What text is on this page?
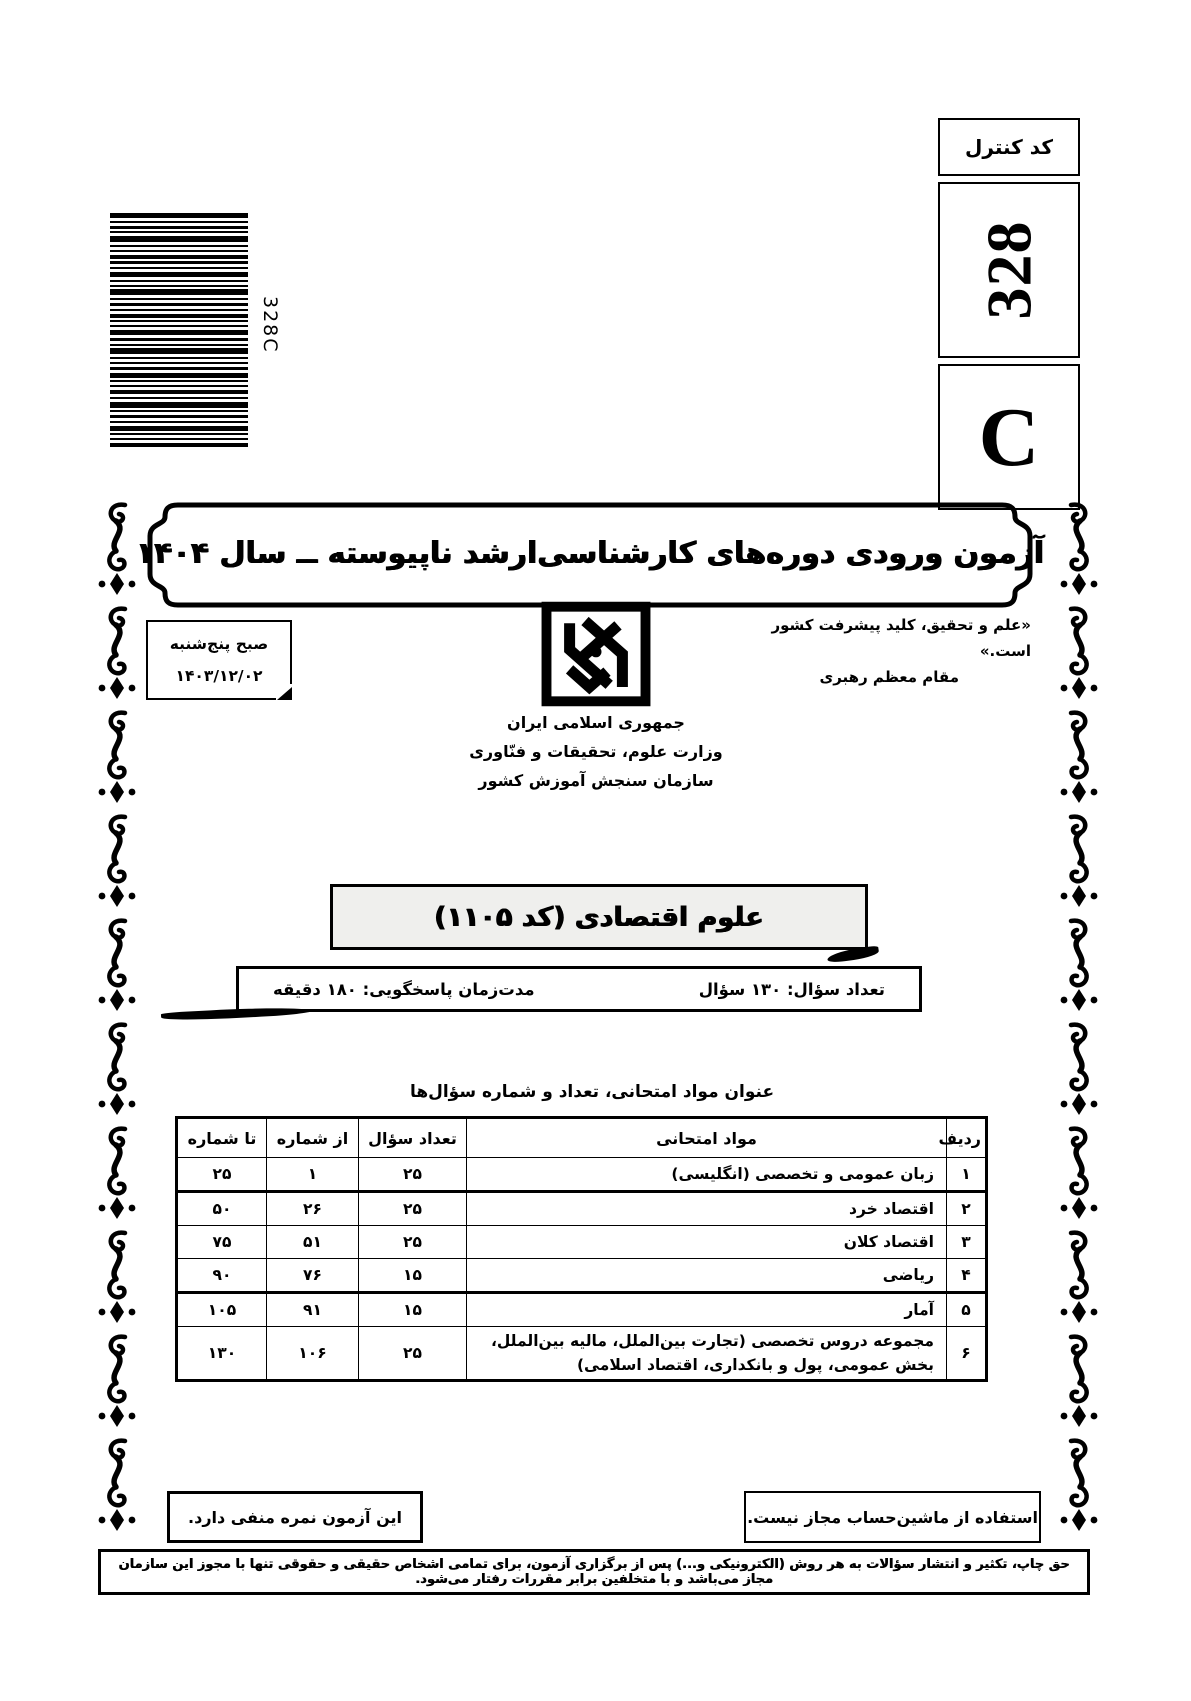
کد کنترل
328
C
328C
آزمون ورودی دوره‌های کارشناسی‌ارشد ناپیوسته ــ سال ۱۴۰۴
صبح پنج‌شنبه
۱۴۰۳/۱۲/۰۲
«علم و تحقیق، کلید پیشرفت کشور است.»
مقام معظم رهبری
جمهوری اسلامی ایران
وزارت علوم، تحقیقات و فنّاوری
سازمان سنجش آموزش کشور
علوم اقتصادی (کد ۱۱۰۵)
تعداد سؤال: ۱۳۰ سؤال
مدت‌زمان پاسخگویی: ۱۸۰ دقیقه
عنوان مواد امتحانی، تعداد و شماره سؤال‌ها
ردیف	مواد امتحانی	تعداد سؤال	از شماره	تا شماره
۱	زبان عمومی و تخصصی (انگلیسی)	۲۵	۱	۲۵
۲	اقتصاد خرد	۲۵	۲۶	۵۰
۳	اقتصاد کلان	۲۵	۵۱	۷۵
۴	ریاضی	۱۵	۷۶	۹۰
۵	آمار	۱۵	۹۱	۱۰۵
۶	مجموعه دروس تخصصی (تجارت بین‌الملل، مالیه بین‌الملل، بخش عمومی، پول و بانکداری، اقتصاد اسلامی)	۲۵	۱۰۶	۱۳۰
این آزمون نمره منفی دارد.	استفاده از ماشین‌حساب مجاز نیست.
حق چاپ، تکثیر و انتشار سؤالات به هر روش (الکترونیکی و...) پس از برگزاری آزمون، برای تمامی اشخاص حقیقی و حقوقی تنها با مجوز این سازمان مجاز می‌باشد و با متخلفین برابر مقررات رفتار می‌شود.
